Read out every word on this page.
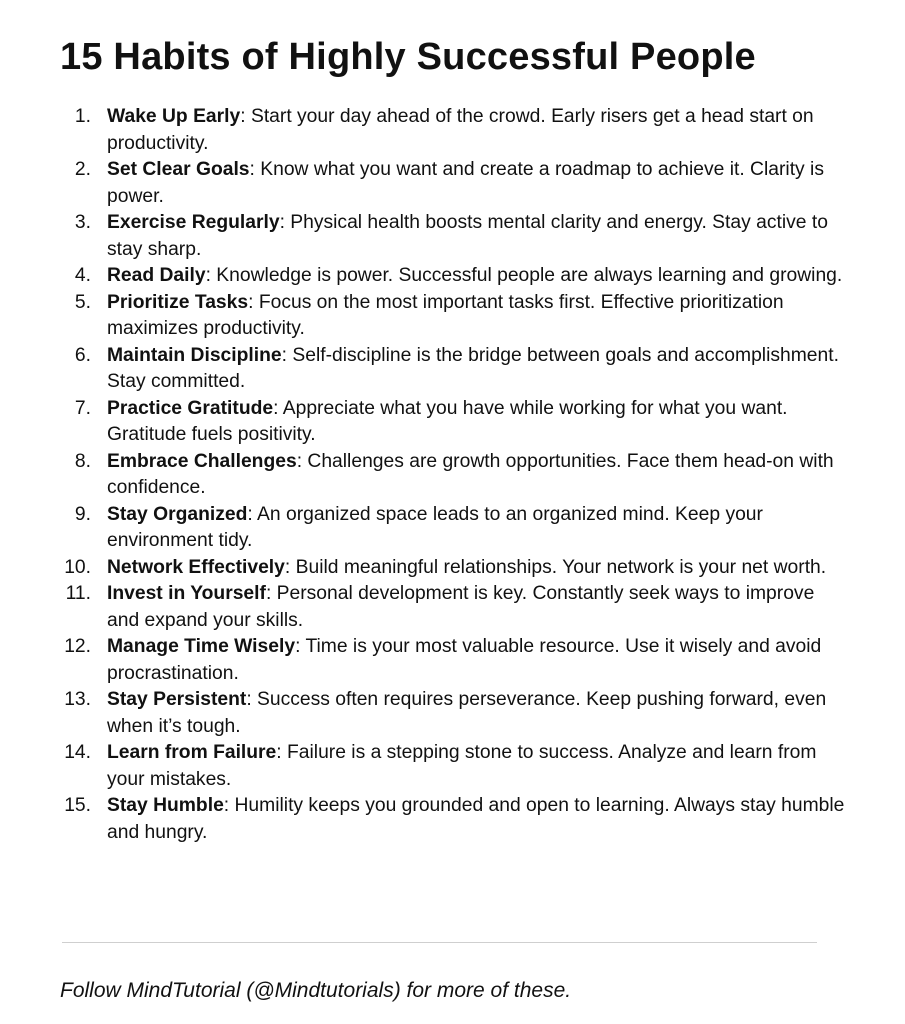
15 Habits of Highly Successful People
1. Wake Up Early: Start your day ahead of the crowd. Early risers get a head start on productivity.
2. Set Clear Goals: Know what you want and create a roadmap to achieve it. Clarity is power.
3. Exercise Regularly: Physical health boosts mental clarity and energy. Stay active to stay sharp.
4. Read Daily: Knowledge is power. Successful people are always learning and growing.
5. Prioritize Tasks: Focus on the most important tasks first. Effective prioritization maximizes productivity.
6. Maintain Discipline: Self-discipline is the bridge between goals and accomplishment. Stay committed.
7. Practice Gratitude: Appreciate what you have while working for what you want. Gratitude fuels positivity.
8. Embrace Challenges: Challenges are growth opportunities. Face them head-on with confidence.
9. Stay Organized: An organized space leads to an organized mind. Keep your environment tidy.
10. Network Effectively: Build meaningful relationships. Your network is your net worth.
11. Invest in Yourself: Personal development is key. Constantly seek ways to improve and expand your skills.
12. Manage Time Wisely: Time is your most valuable resource. Use it wisely and avoid procrastination.
13. Stay Persistent: Success often requires perseverance. Keep pushing forward, even when it’s tough.
14. Learn from Failure: Failure is a stepping stone to success. Analyze and learn from your mistakes.
15. Stay Humble: Humility keeps you grounded and open to learning. Always stay humble and hungry.

Follow MindTutorial (@Mindtutorials) for more of these.
